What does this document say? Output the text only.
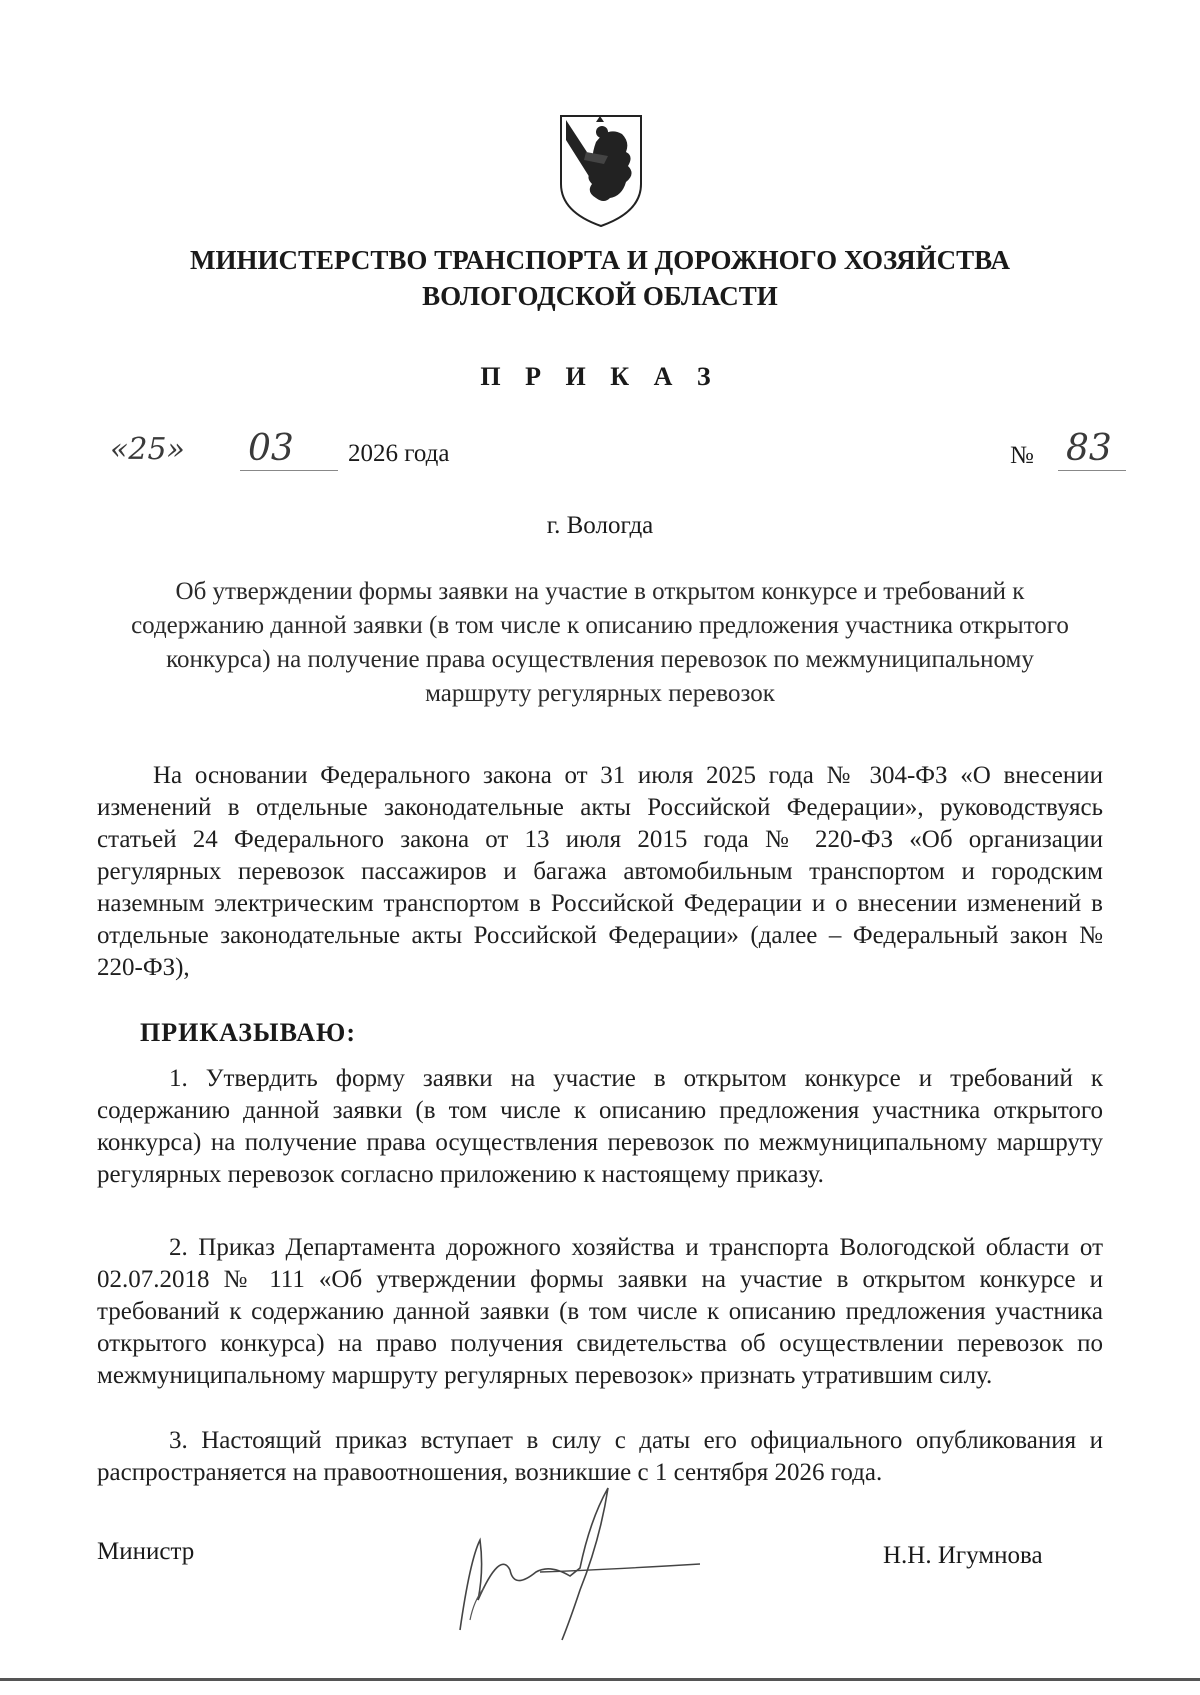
МИНИСТЕРСТВО ТРАНСПОРТА И ДОРОЖНОГО ХОЗЯЙСТВА
ВОЛОГОДСКОЙ ОБЛАСТИ
П Р И К А З
«25» 03 2026 года	№ 83
г. Вологда
Об утверждении формы заявки на участие в открытом конкурсе и требований к содержанию данной заявки (в том числе к описанию предложения участника открытого конкурса) на получение права осуществления перевозок по межмуниципальному маршруту регулярных перевозок
На основании Федерального закона от 31 июля 2025 года № 304-ФЗ «О внесении изменений в отдельные законодательные акты Российской Федерации», руководствуясь статьей 24 Федерального закона от 13 июля 2015 года № 220-ФЗ «Об организации регулярных перевозок пассажиров и багажа автомобильным транспортом и городским наземным электрическим транспортом в Российской Федерации и о внесении изменений в отдельные законодательные акты Российской Федерации» (далее – Федеральный закон № 220-ФЗ),
ПРИКАЗЫВАЮ:
1. Утвердить форму заявки на участие в открытом конкурсе и требований к содержанию данной заявки (в том числе к описанию предложения участника открытого конкурса) на получение права осуществления перевозок по межмуниципальному маршруту регулярных перевозок согласно приложению к настоящему приказу.
2. Приказ Департамента дорожного хозяйства и транспорта Вологодской области от 02.07.2018 № 111 «Об утверждении формы заявки на участие в открытом конкурсе и требований к содержанию данной заявки (в том числе к описанию предложения участника открытого конкурса) на право получения свидетельства об осуществлении перевозок по межмуниципальному маршруту регулярных перевозок» признать утратившим силу.
3. Настоящий приказ вступает в силу с даты его официального опубликования и распространяется на правоотношения, возникшие с 1 сентября 2026 года.
Министр	Н.Н. Игумнова
